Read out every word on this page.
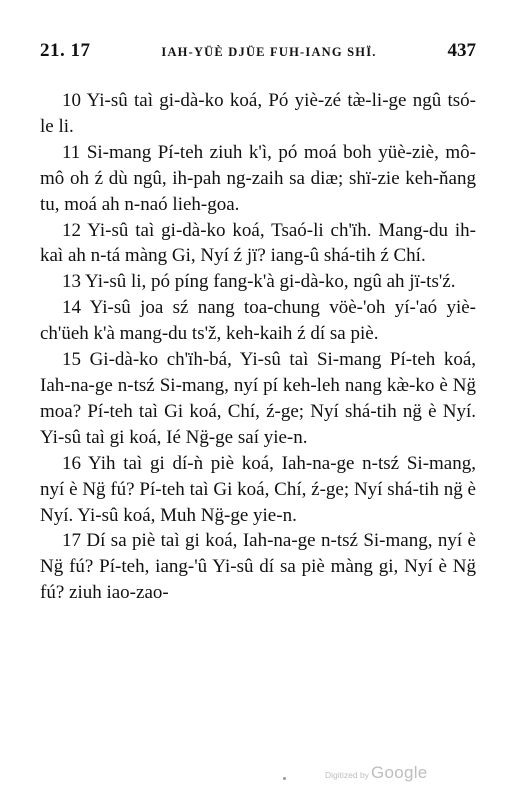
21. 17	IAH-YÜÈ DJÜE FUH-IANG SHÏ.	437

10 Yi-sû taì gi-dà-ko koá, Pó yiè-zé tæ̀-li-ge ngû tsó-le li.

11 Si-mang Pí-teh ziuh k'ì, pó moá boh yüè-ziè, mô-mô oh ź dù ngû, ih-pah ng-zaih sa diæ; shï-zie keh-ňang tu, moá ah n-naó lieh-goa.

12 Yi-sû taì gi-dà-ko koá, Tsaó-li ch'ïh. Mang-du ih-kaì ah n-tá màng Gi, Nyí ź jï? iang-û shá-tih ź Chí.

13 Yi-sû li, pó píng fang-k'à gi-dà-ko, ngû ah jï-ts'ź.

14 Yi-sû joa sź nang toa-chung vöè-'oh yí-'aó yiè-ch'üeh k'à mang-du ts'ž, keh-kaih ź dí sa piè.

15 Gi-dà-ko ch'ïh-bá, Yi-sû taì Si-mang Pí-teh koá, Iah-na-ge n-tsź Si-mang, nyí pí keh-leh nang kæ̀-ko è Ng̈ moa? Pí-teh taì Gi koá, Chí, ź-ge; Nyí shá-tih ng̈ è Nyí. Yi-sû taì gi koá, Ié Ng̈-ge saí yie-n.

16 Yih taì gi dí-ǹ piè koá, Iah-na-ge n-tsź Si-mang, nyí è Ng̈ fú? Pí-teh taì Gi koá, Chí, ź-ge; Nyí shá-tih ng̈ è Nyí. Yi-sû koá, Muh Ng̈-ge yie-n.

17 Dí sa piè taì gi koá, Iah-na-ge n-tsź Si-mang, nyí è Ng̈ fú? Pí-teh, iang-'û Yi-sû dí sa piè màng gi, Nyí è Ng̈ fú? ziuh iao-zao-

Digitized by Google
